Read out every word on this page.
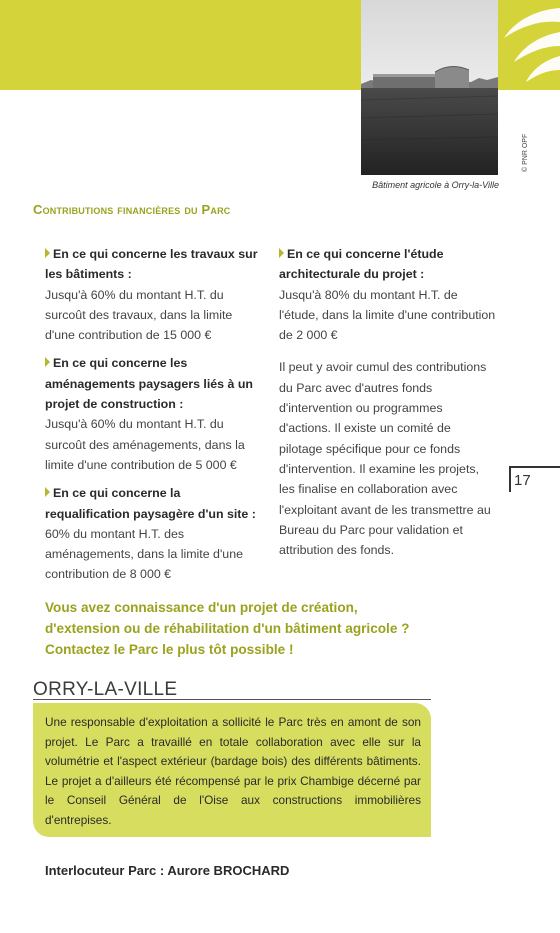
© PNR OPF
Bâtiment agricole à Orry-la-Ville
Contributions financières du Parc
En ce qui concerne les travaux sur les bâtiments :
Jusqu'à 60% du montant H.T. du surcoût des travaux, dans la limite d'une contribution de 15 000 €
En ce qui concerne les aménagements paysagers liés à un projet de construction :
Jusqu'à 60% du montant H.T. du surcoût des aménagements, dans la limite d'une contribution de 5 000 €
En ce qui concerne la requalification paysagère d'un site :
60% du montant H.T. des aménagements, dans la limite d'une contribution de 8 000 €
En ce qui concerne l'étude architecturale du projet :
Jusqu'à 80% du montant H.T. de l'étude, dans la limite d'une contribution de 2 000 €
Il peut y avoir cumul des contributions du Parc avec d'autres fonds d'intervention ou programmes d'actions. Il existe un comité de pilotage spécifique pour ce fonds d'intervention. Il examine les projets, les finalise en collaboration avec l'exploitant avant de les transmettre au Bureau du Parc pour validation et attribution des fonds.
17
Vous avez connaissance d'un projet de création,
d'extension ou de réhabilitation d'un bâtiment agricole ?
Contactez le Parc le plus tôt possible !
ORRY-LA-VILLE
Une responsable d'exploitation a sollicité le Parc très en amont de son projet. Le Parc a travaillé en totale collaboration avec elle sur la volumétrie et l'aspect extérieur (bardage bois) des différents bâtiments. Le projet a d'ailleurs été récompensé par le prix Chambige décerné par le Conseil Général de l'Oise aux constructions immobilières d'entrepises.
Interlocuteur Parc : Aurore BROCHARD
